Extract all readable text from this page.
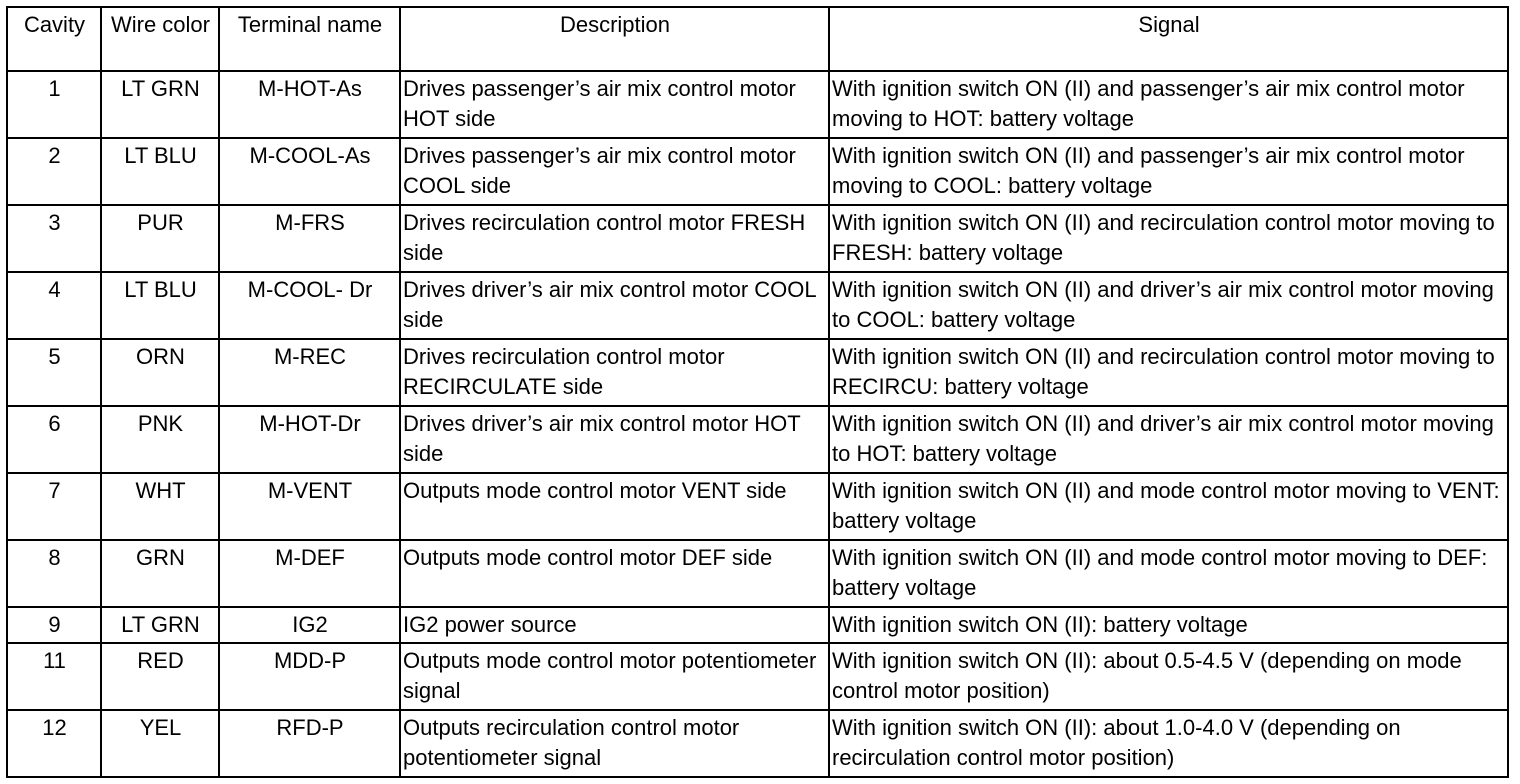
Cavity	Wire color	Terminal name	Description	Signal
1	LT GRN	M-HOT-As	Drives passenger’s air mix control motor HOT side	With ignition switch ON (II) and passenger’s air mix control motor moving to HOT: battery voltage
2	LT BLU	M-COOL-As	Drives passenger’s air mix control motor COOL side	With ignition switch ON (II) and passenger’s air mix control motor moving to COOL: battery voltage
3	PUR	M-FRS	Drives recirculation control motor FRESH side	With ignition switch ON (II) and recirculation control motor moving to FRESH: battery voltage
4	LT BLU	M-COOL- Dr	Drives driver’s air mix control motor COOL side	With ignition switch ON (II) and driver’s air mix control motor moving to COOL: battery voltage
5	ORN	M-REC	Drives recirculation control motor RECIRCULATE side	With ignition switch ON (II) and recirculation control motor moving to RECIRCU: battery voltage
6	PNK	M-HOT-Dr	Drives driver’s air mix control motor HOT side	With ignition switch ON (II) and driver’s air mix control motor moving to HOT: battery voltage
7	WHT	M-VENT	Outputs mode control motor VENT side	With ignition switch ON (II) and mode control motor moving to VENT: battery voltage
8	GRN	M-DEF	Outputs mode control motor DEF side	With ignition switch ON (II) and mode control motor moving to DEF: battery voltage
9	LT GRN	IG2	IG2 power source	With ignition switch ON (II): battery voltage
11	RED	MDD-P	Outputs mode control motor potentiometer signal	With ignition switch ON (II): about 0.5-4.5 V (depending on mode control motor position)
12	YEL	RFD-P	Outputs recirculation control motor potentiometer signal	With ignition switch ON (II): about 1.0-4.0 V (depending on recirculation control motor position)
